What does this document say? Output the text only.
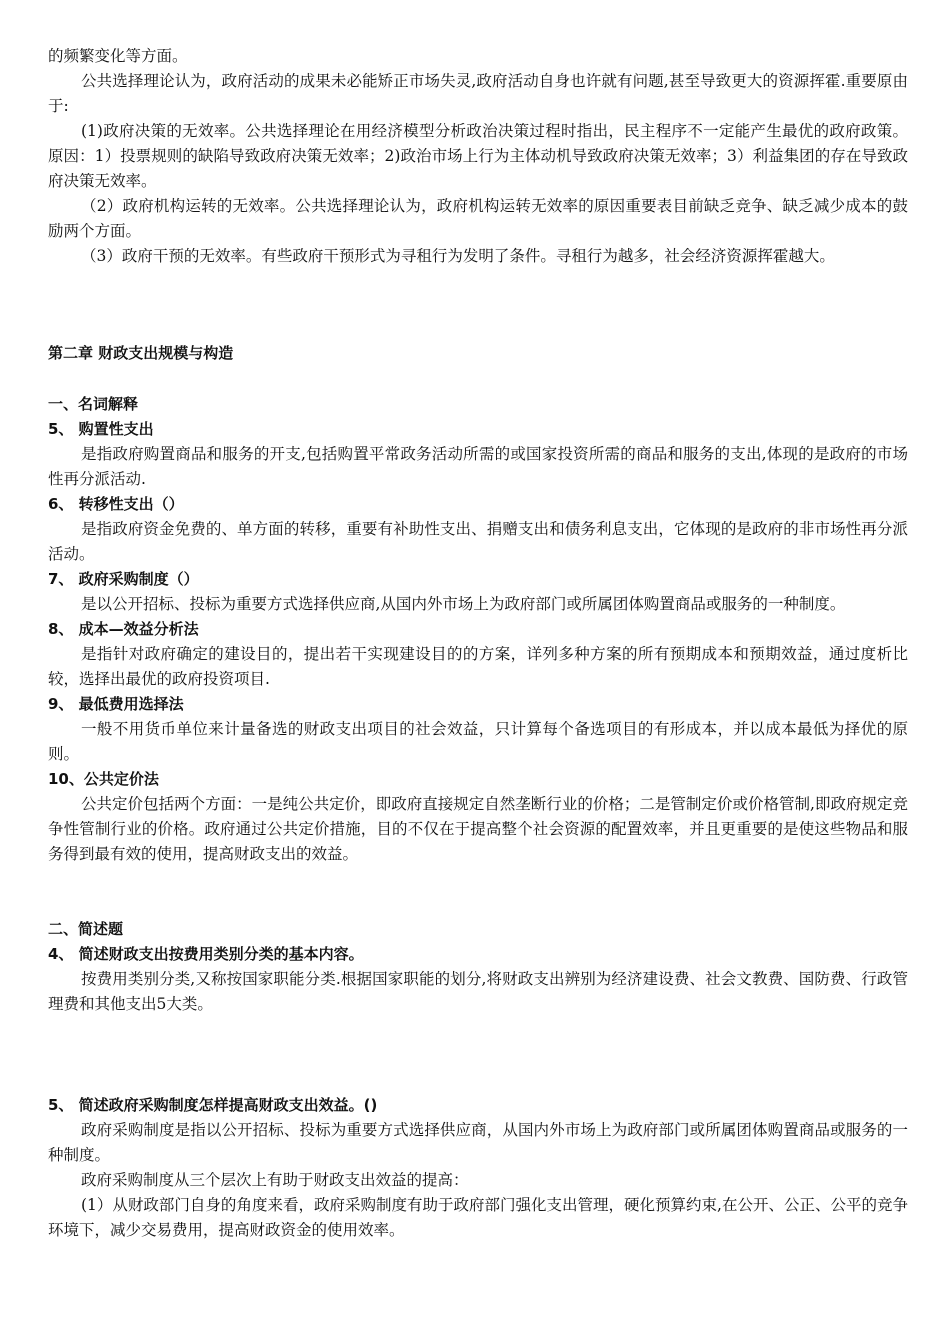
的频繁变化等方面。

公共选择理论认为，政府活动的成果未必能矫正市场失灵,政府活动自身也许就有问题,甚至导致更大的资源挥霍.重要原由于:

(1)政府决策的无效率。公共选择理论在用经济模型分析政治决策过程时指出，民主程序不一定能产生最优的政府政策。原因：1）投票规则的缺陷导致政府决策无效率；2)政治市场上行为主体动机导致政府决策无效率；3）利益集团的存在导致政府决策无效率。

（2）政府机构运转的无效率。公共选择理论认为，政府机构运转无效率的原因重要表目前缺乏竞争、缺乏减少成本的鼓励两个方面。

（3）政府干预的无效率。有些政府干预形式为寻租行为发明了条件。寻租行为越多，社会经济资源挥霍越大。

第二章 财政支出规模与构造

一、名词解释

5、 购置性支出

是指政府购置商品和服务的开支,包括购置平常政务活动所需的或国家投资所需的商品和服务的支出,体现的是政府的市场性再分派活动.

6、 转移性支出（）

是指政府资金免费的、单方面的转移，重要有补助性支出、捐赠支出和债务利息支出，它体现的是政府的非市场性再分派活动。

7、 政府采购制度（）

是以公开招标、投标为重要方式选择供应商,从国内外市场上为政府部门或所属团体购置商品或服务的一种制度。

8、 成本—效益分析法

是指针对政府确定的建设目的，提出若干实现建设目的的方案，详列多种方案的所有预期成本和预期效益，通过度析比较，选择出最优的政府投资项目.

9、 最低费用选择法

一般不用货币单位来计量备选的财政支出项目的社会效益，只计算每个备选项目的有形成本，并以成本最低为择优的原则。

10、公共定价法

公共定价包括两个方面：一是纯公共定价，即政府直接规定自然垄断行业的价格；二是管制定价或价格管制,即政府规定竞争性管制行业的价格。政府通过公共定价措施，目的不仅在于提高整个社会资源的配置效率，并且更重要的是使这些物品和服务得到最有效的使用，提高财政支出的效益。

二、简述题

4、 简述财政支出按费用类别分类的基本内容。

按费用类别分类,又称按国家职能分类.根据国家职能的划分,将财政支出辨别为经济建设费、社会文教费、国防费、行政管理费和其他支出5大类。

5、 简述政府采购制度怎样提高财政支出效益。()

政府采购制度是指以公开招标、投标为重要方式选择供应商，从国内外市场上为政府部门或所属团体购置商品或服务的一种制度。

政府采购制度从三个层次上有助于财政支出效益的提高：

(1）从财政部门自身的角度来看，政府采购制度有助于政府部门强化支出管理，硬化预算约束,在公开、公正、公平的竞争环境下，减少交易费用，提高财政资金的使用效率。
